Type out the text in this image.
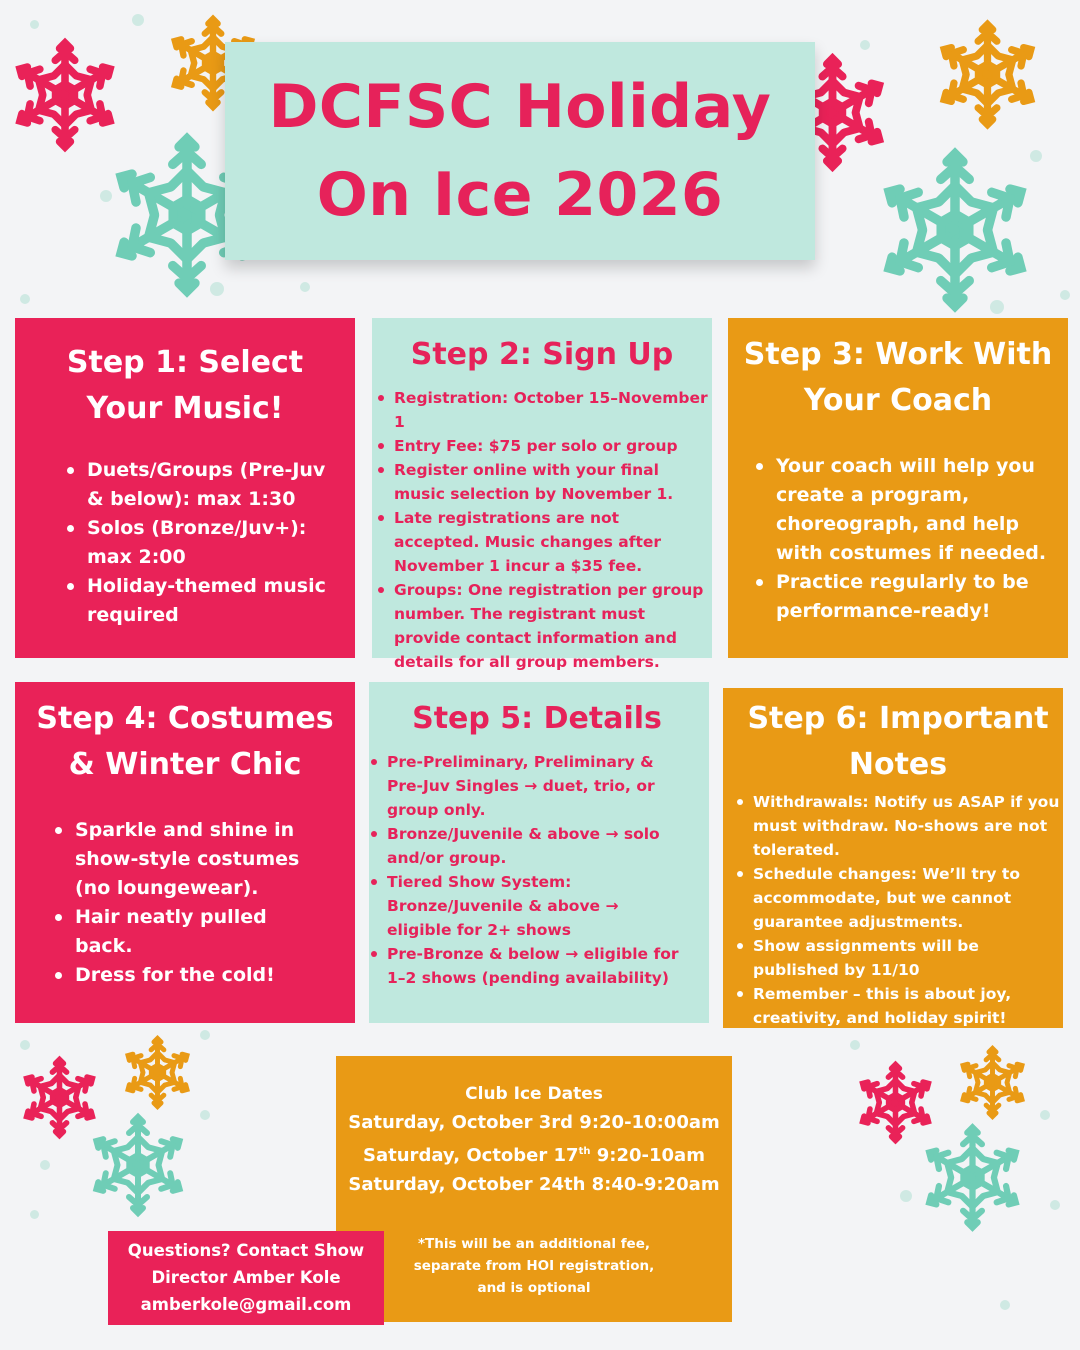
DCFSC Holiday
On Ice 2026
Step 1: Select Your Music!
Duets/Groups (Pre-Juv & below): max 1:30
Solos (Bronze/Juv+): max 2:00
Holiday-themed music required
Step 2: Sign Up
Registration: October 15–November 1
Entry Fee: $75 per solo or group
Register online with your final music selection by November 1.
Late registrations are not accepted. Music changes after November 1 incur a $35 fee.
Groups: One registration per group number. The registrant must provide contact information and details for all group members.
Step 3: Work With Your Coach
Your coach will help you create a program, choreograph, and help with costumes if needed.
Practice regularly to be performance-ready!
Step 4: Costumes & Winter Chic
Sparkle and shine in show-style costumes (no loungewear).
Hair neatly pulled back.
Dress for the cold!
Step 5: Details
Pre-Preliminary, Preliminary & Pre-Juv Singles → duet, trio, or group only.
Bronze/Juvenile & above → solo and/or group.
Tiered Show System: Bronze/Juvenile & above → eligible for 2+ shows
Pre-Bronze & below → eligible for 1–2 shows (pending availability)
Step 6: Important Notes
Withdrawals: Notify us ASAP if you must withdraw. No-shows are not tolerated.
Schedule changes: We’ll try to accommodate, but we cannot guarantee adjustments.
Show assignments will be published by 11/10
Remember – this is about joy, creativity, and holiday spirit!
Club Ice Dates
Saturday, October 3rd 9:20-10:00am
Saturday, October 17th 9:20-10am
Saturday, October 24th 8:40-9:20am
*This will be an additional fee, separate from HOI registration, and is optional
Questions? Contact Show
Director Amber Kole
amberkole@gmail.com
